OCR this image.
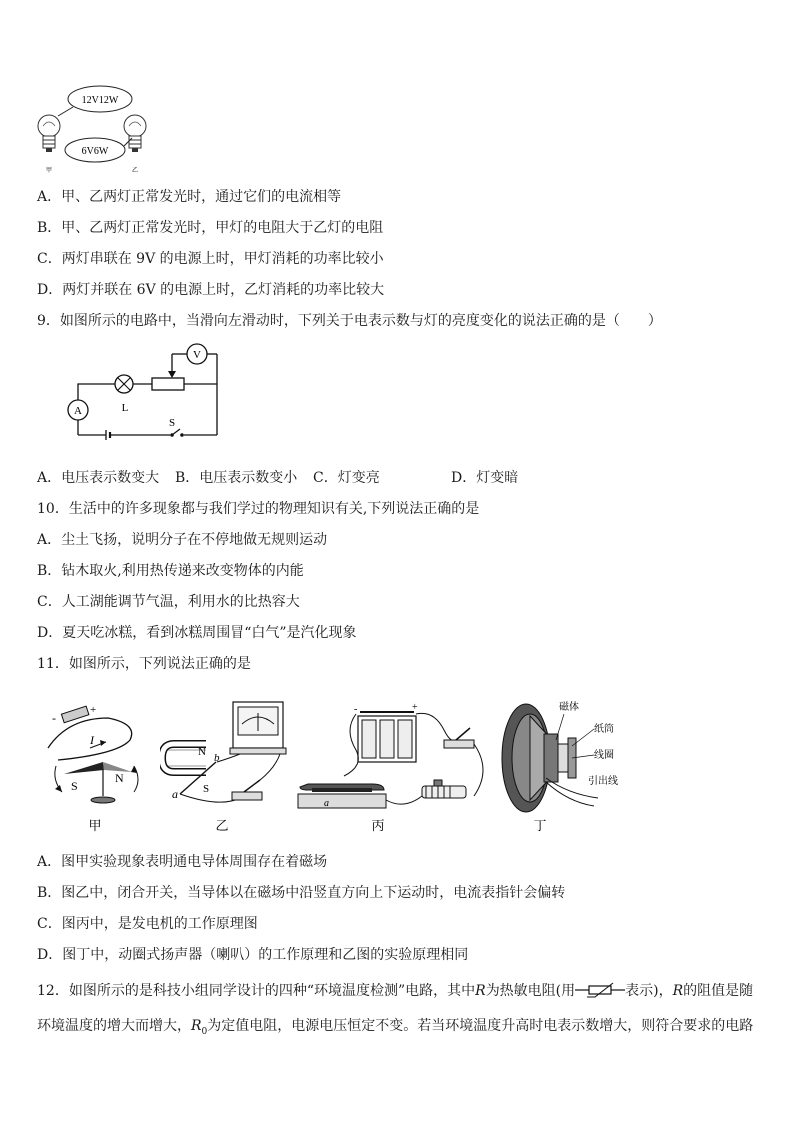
12V12W
6V6W
甲	乙
A．甲、乙两灯正常发光时，通过它们的电流相等
B．甲、乙两灯正常发光时，甲灯的电阻大于乙灯的电阻
C．两灯串联在 9V 的电源上时，甲灯消耗的功率比较小
D．两灯并联在 6V 的电源上时，乙灯消耗的功率比较大
9．如图所示的电路中，当滑向左滑动时，下列关于电表示数与灯的亮度变化的说法正确的是（　　）
A	L
V
S
A．电压表示数变大 B．电压表示数变小 C．灯变亮	D．灯变暗
10．生活中的许多现象都与我们学过的物理知识有关,下列说法正确的是
A．尘土飞扬，说明分子在不停地做无规则运动
B．钻木取火,利用热传递来改变物体的内能
C．人工湖能调节气温，利用水的比热容大
D．夏天吃冰糕，看到冰糕周围冒“白气”是汽化现象
11．如图所示，下列说法正确的是
-
+
I
S
N
甲
N
S
a
b
乙
-	+
a
丙
磁体
纸筒
线圈
引出线
丁
A．图甲实验现象表明通电导体周围存在着磁场
B．图乙中，闭合开关，当导体以在磁场中沿竖直方向上下运动时，电流表指针会偏转
C．图丙中，是发电机的工作原理图
D．图丁中，动圈式扬声器（喇叭）的工作原理和乙图的实验原理相同
12．如图所示的是科技小组同学设计的四种“环境温度检测”电路，其中R为热敏电阻(用	表示)，R的阻值是随
环境温度的增大而增大，$R_0$为定值电阻，电源电压恒定不变。若当环境温度升高时电表示数增大，则符合要求的电路
